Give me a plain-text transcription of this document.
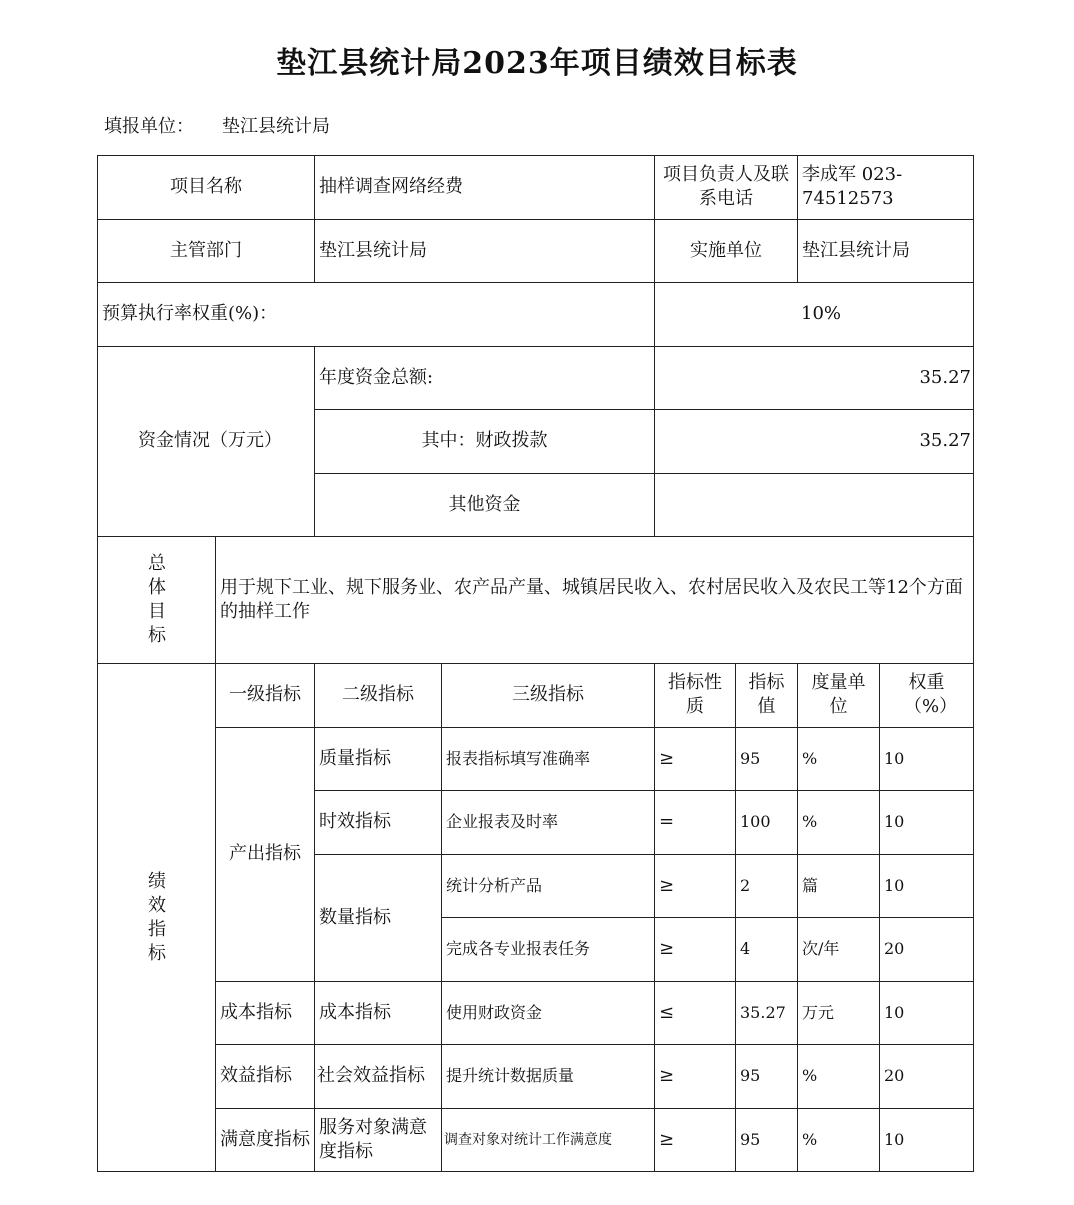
垫江县统计局2023年项目绩效目标表
填报单位： 垫江县统计局
项目名称		抽样调查网络经费		项目负责人及联系电话		李成军 023-74512573	
主管部门		垫江县统计局		实施单位		垫江县统计局	
预算执行率权重(%)：				10%			
资金情况（万元）		年度资金总额:		35.27			
		其中：财政拨款		35.27			
		其他资金					
总体目标	用于规下工业、规下服务业、农产品产量、城镇居民收入、农村居民收入及农民工等12个方面的抽样工作						
绩效指标	一级指标	二级指标	三级指标	指标性质	指标值	度量单位	权重（%）
	产出指标	质量指标	报表指标填写准确率	≥	95	%	10
		时效指标	企业报表及时率	=	100	%	10
		数量指标	统计分析产品	≥	2	篇	10
			完成各专业报表任务	≥	4	次/年	20
	成本指标	成本指标	使用财政资金	≤	35.27	万元	10
	效益指标	社会效益指标	提升统计数据质量	≥	95	%	20
	满意度指标	服务对象满意度指标	调查对象对统计工作满意度	≥	95	%	10
